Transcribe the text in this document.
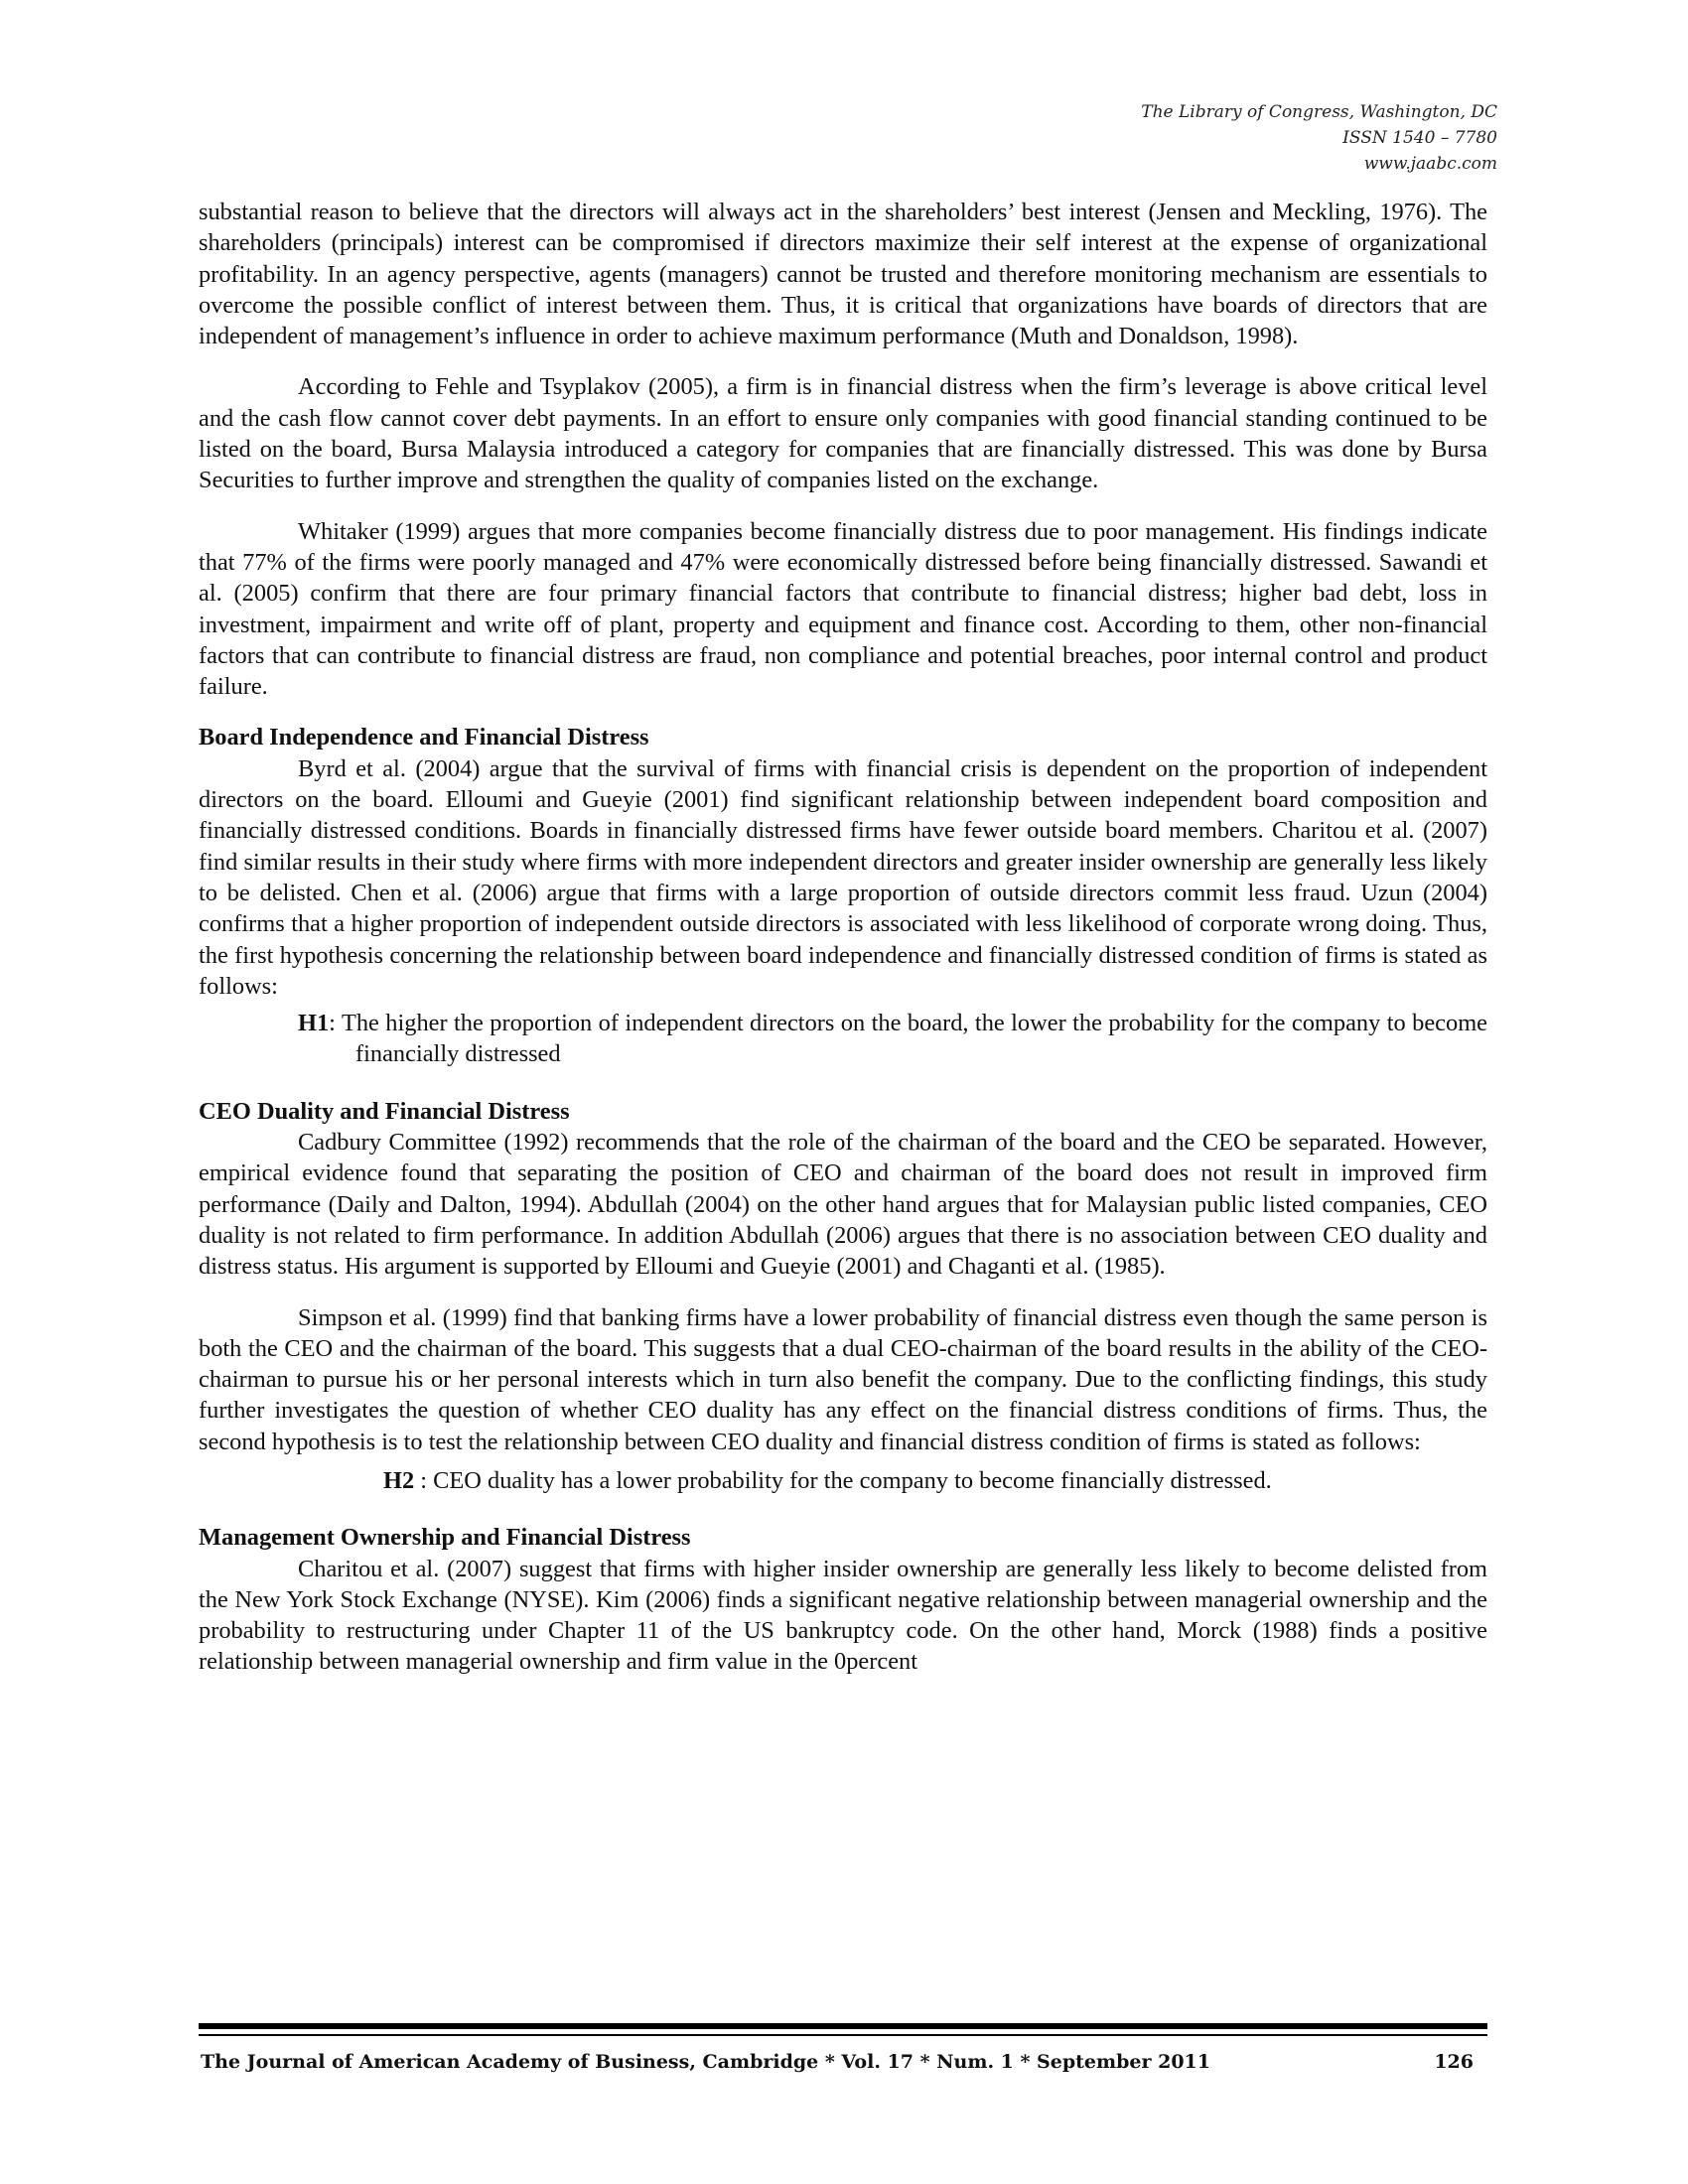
The Library of Congress, Washington, DC
ISSN 1540 – 7780
www.jaabc.com

substantial reason to believe that the directors will always act in the shareholders’ best interest (Jensen and Meckling, 1976). The shareholders (principals) interest can be compromised if directors maximize their self interest at the expense of organizational profitability. In an agency perspective, agents (managers) cannot be trusted and therefore monitoring mechanism are essentials to overcome the possible conflict of interest between them. Thus, it is critical that organizations have boards of directors that are independent of management’s influence in order to achieve maximum performance (Muth and Donaldson, 1998).

According to Fehle and Tsyplakov (2005), a firm is in financial distress when the firm’s leverage is above critical level and the cash flow cannot cover debt payments. In an effort to ensure only companies with good financial standing continued to be listed on the board, Bursa Malaysia introduced a category for companies that are financially distressed. This was done by Bursa Securities to further improve and strengthen the quality of companies listed on the exchange.

Whitaker (1999) argues that more companies become financially distress due to poor management. His findings indicate that 77% of the firms were poorly managed and 47% were economically distressed before being financially distressed. Sawandi et al. (2005) confirm that there are four primary financial factors that contribute to financial distress; higher bad debt, loss in investment, impairment and write off of plant, property and equipment and finance cost. According to them, other non-financial factors that can contribute to financial distress are fraud, non compliance and potential breaches, poor internal control and product failure.

Board Independence and Financial Distress

Byrd et al. (2004) argue that the survival of firms with financial crisis is dependent on the proportion of independent directors on the board. Elloumi and Gueyie (2001) find significant relationship between independent board composition and financially distressed conditions. Boards in financially distressed firms have fewer outside board members. Charitou et al. (2007) find similar results in their study where firms with more independent directors and greater insider ownership are generally less likely to be delisted. Chen et al. (2006) argue that firms with a large proportion of outside directors commit less fraud. Uzun (2004) confirms that a higher proportion of independent outside directors is associated with less likelihood of corporate wrong doing. Thus, the first hypothesis concerning the relationship between board independence and financially distressed condition of firms is stated as follows:

H1: The higher the proportion of independent directors on the board, the lower the probability for the company to become financially distressed
CEO Duality and Financial Distress

Cadbury Committee (1992) recommends that the role of the chairman of the board and the CEO be separated. However, empirical evidence found that separating the position of CEO and chairman of the board does not result in improved firm performance (Daily and Dalton, 1994). Abdullah (2004) on the other hand argues that for Malaysian public listed companies, CEO duality is not related to firm performance. In addition Abdullah (2006) argues that there is no association between CEO duality and distress status. His argument is supported by Elloumi and Gueyie (2001) and Chaganti et al. (1985).

Simpson et al. (1999) find that banking firms have a lower probability of financial distress even though the same person is both the CEO and the chairman of the board. This suggests that a dual CEO-chairman of the board results in the ability of the CEO-chairman to pursue his or her personal interests which in turn also benefit the company. Due to the conflicting findings, this study further investigates the question of whether CEO duality has any effect on the financial distress conditions of firms. Thus, the second hypothesis is to test the relationship between CEO duality and financial distress condition of firms is stated as follows:

H2 : CEO duality has a lower probability for the company to become financially distressed.
Management Ownership and Financial Distress

Charitou et al. (2007) suggest that firms with higher insider ownership are generally less likely to become delisted from the New York Stock Exchange (NYSE). Kim (2006) finds a significant negative relationship between managerial ownership and the probability to restructuring under Chapter 11 of the US bankruptcy code. On the other hand, Morck (1988) finds a positive relationship between managerial ownership and firm value in the 0percent

The Journal of American Academy of Business, Cambridge * Vol. 17 * Num. 1 * September 2011	126
